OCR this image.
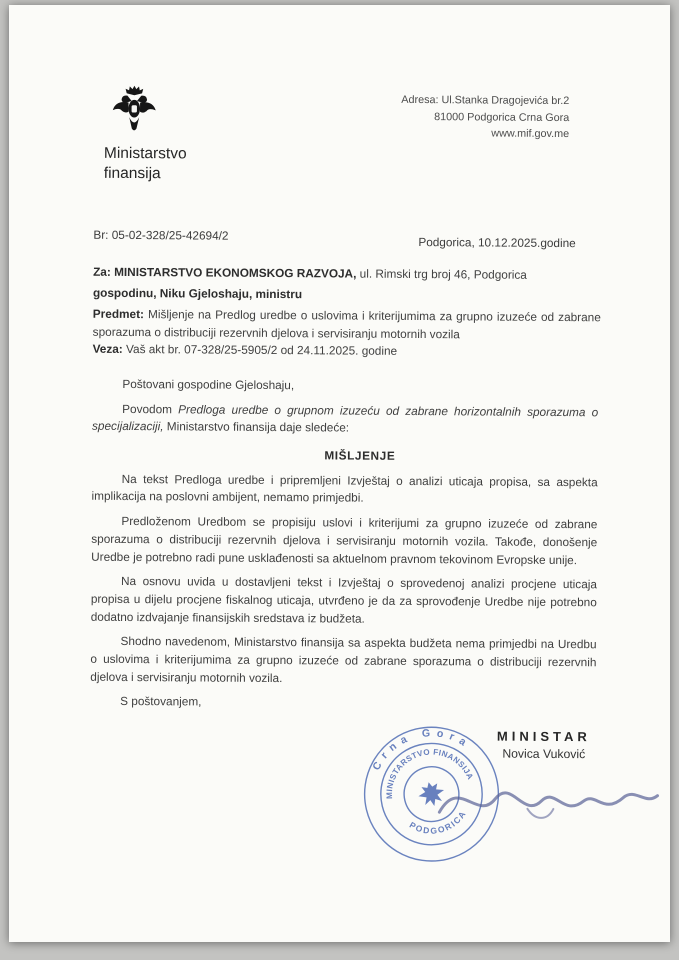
Ministarstvo
finansija
Adresa: Ul.Stanka Dragojevića br.2
81000 Podgorica Crna Gora
www.mif.gov.me
Br: 05-02-328/25-42694/2	Podgorica, 10.12.2025.godine
Za: MINISTARSTVO EKONOMSKOG RAZVOJA, ul. Rimski trg broj 46, Podgorica
gospodinu, Niku Gjeloshaju, ministru
Predmet: Mišljenje na Predlog uredbe o uslovima i kriterijumima za grupno izuzeće od zabrane sporazuma o distribuciji rezervnih djelova i servisiranju motornih vozila
Veza: Vaš akt br. 07-328/25-5905/2 od 24.11.2025. godine

Poštovani gospodine Gjeloshaju,

Povodom Predloga uredbe o grupnom izuzeću od zabrane horizontalnih sporazuma o specijalizaciji, Ministarstvo finansija daje sledeće:

MIŠLJENJE

Na tekst Predloga uredbe i pripremljeni Izvještaj o analizi uticaja propisa, sa aspekta implikacija na poslovni ambijent, nemamo primjedbi.

Predloženom Uredbom se propisiju uslovi i kriterijumi za grupno izuzeće od zabrane sporazuma o distribuciji rezervnih djelova i servisiranju motornih vozila. Takođe, donošenje Uredbe je potrebno radi pune usklađenosti sa aktuelnom pravnom tekovinom Evropske unije.

Na osnovu uvida u dostavljeni tekst i Izvještaj o sprovedenoj analizi procjene uticaja propisa u dijelu procjene fiskalnog uticaja, utvrđeno je da za sprovođenje Uredbe nije potrebno dodatno izdvajanje finansijskih sredstava iz budžeta.

Shodno navedenom, Ministarstvo finansija sa aspekta budžeta nema primjedbi na Uredbu o uslovima i kriterijumima za grupno izuzeće od zabrane sporazuma o distribuciji rezervnih djelova i servisiranju motornih vozila.

S poštovanjem,

MINISTAR
Novica Vuković
Crna Gora
MINISTARSTVO FINANSIJA
PODGORICA
